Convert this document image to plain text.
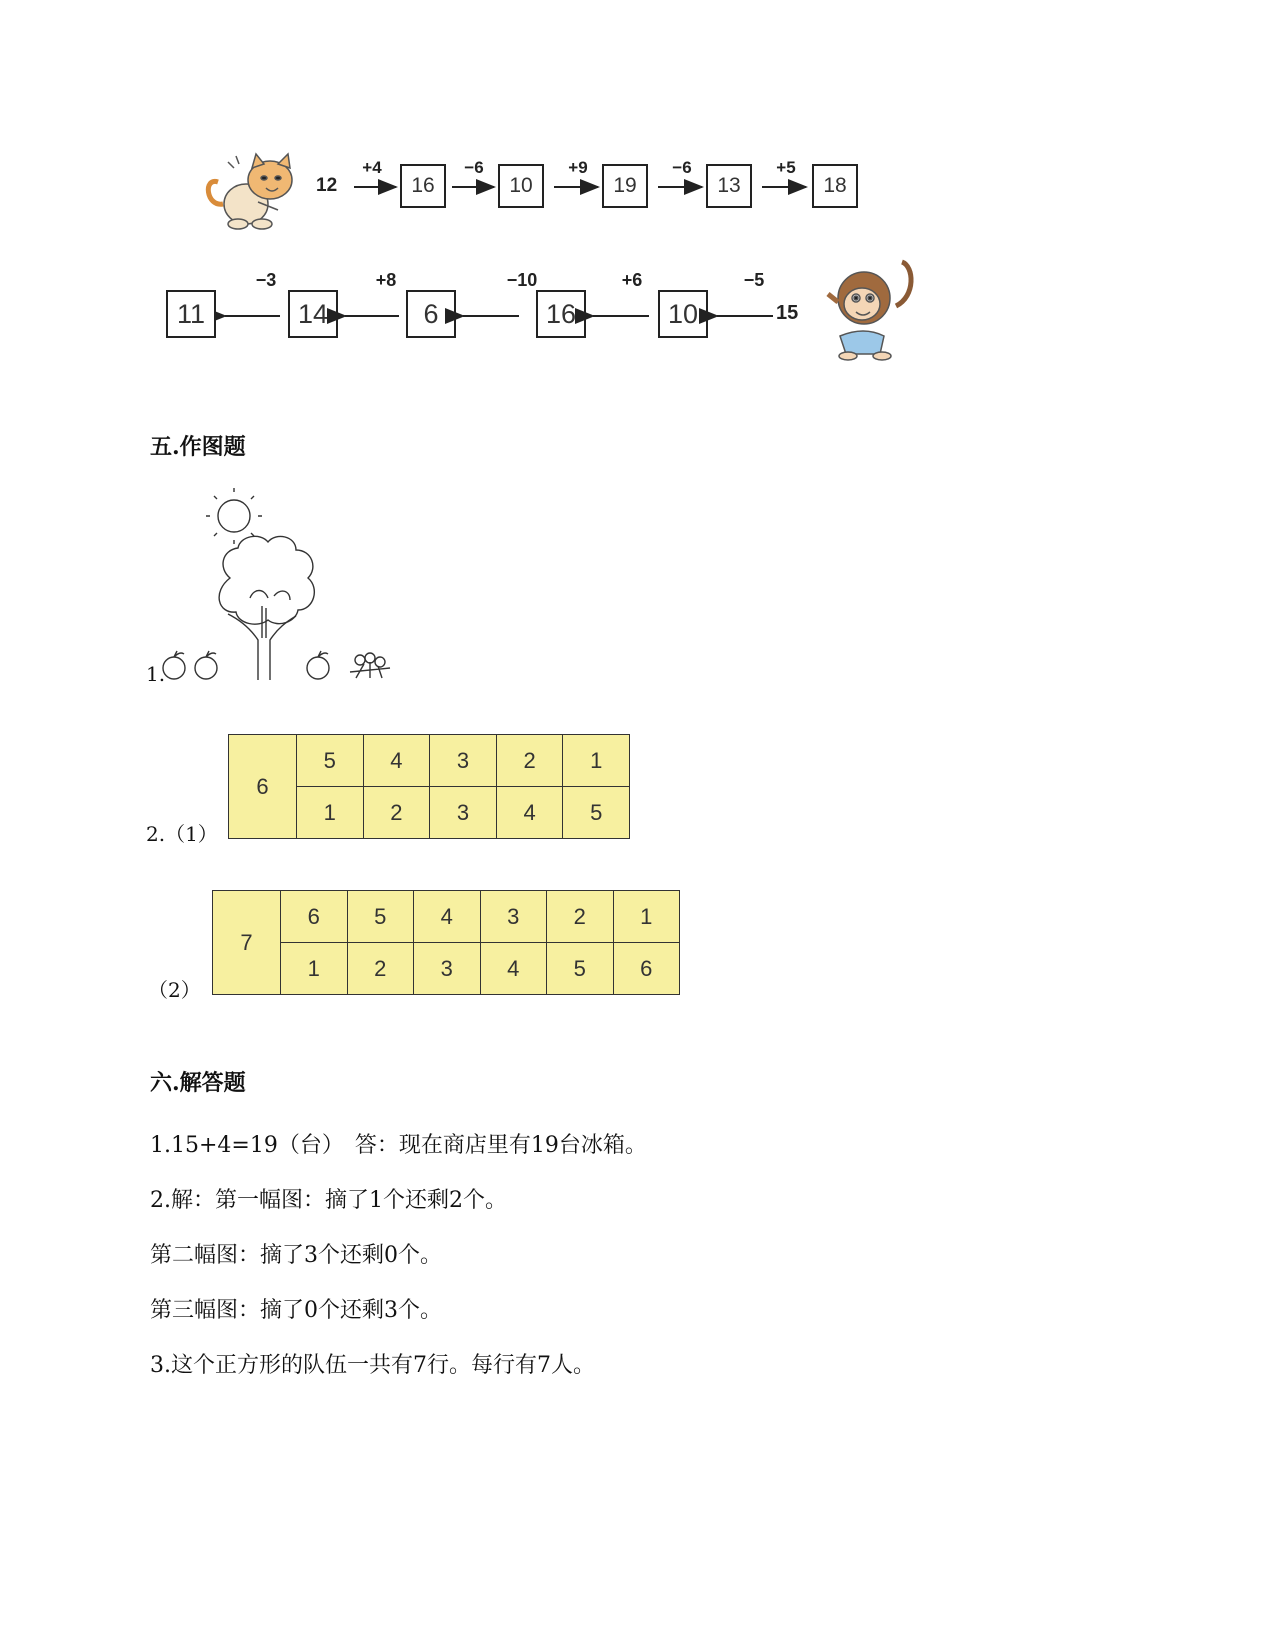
12
+4	−6	+9	−6	+5
16	10	19	13	18
11	14	6	16	10
−3	+8	−10	+6	−5
15
五.作图题
1.
2.（1）
6	5	4	3	2	1
	1	2	3	4	5
（2）
7	6	5	4	3	2	1
	1	2	3	4	5	6
六.解答题
1.15+4=19（台）　答：现在商店里有19台冰箱。
2.解：第一幅图：摘了1个还剩2个。
第二幅图：摘了3个还剩0个。
第三幅图：摘了0个还剩3个。
3.这个正方形的队伍一共有7行。每行有7人。
